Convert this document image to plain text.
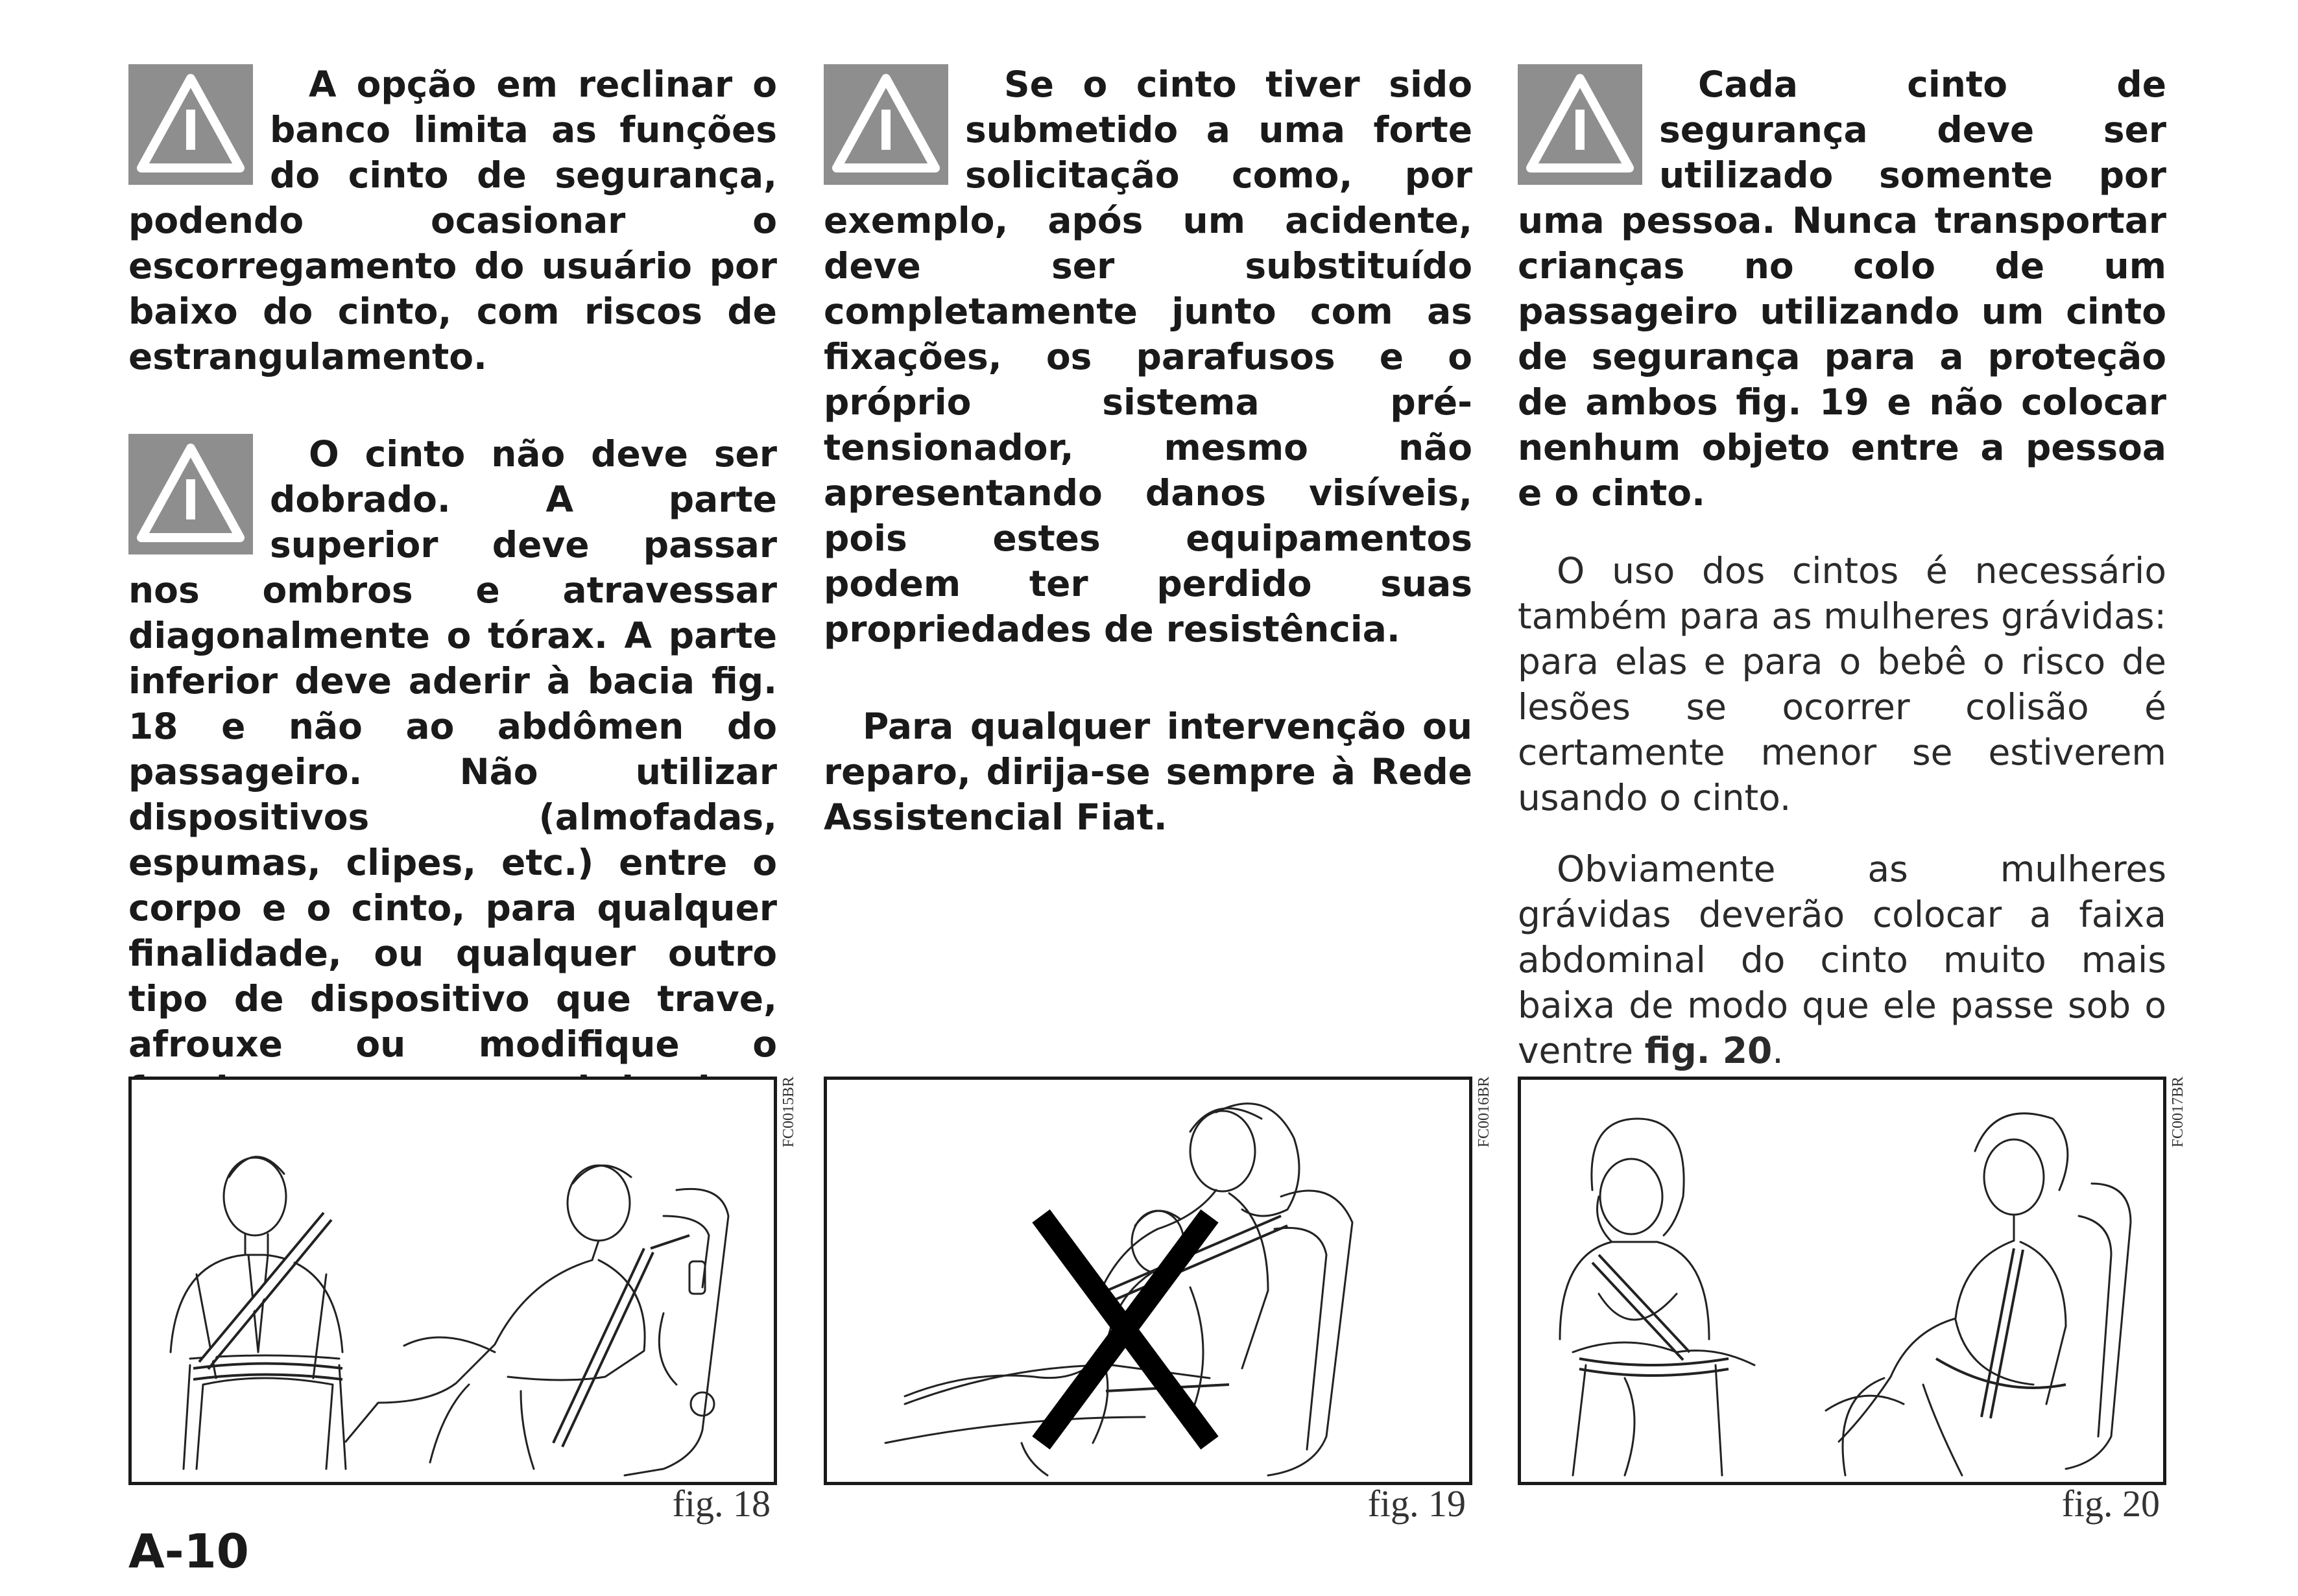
A opção em reclinar o banco limita as funções do cinto de segurança, podendo ocasionar o escorregamento do usuário por baixo do cinto, com riscos de estrangulamento.

O cinto não deve ser dobrado. A parte superior deve passar nos ombros e atravessar diagonalmente o tórax. A parte inferior deve aderir à bacia fig. 18 e não ao abdômen do passageiro. Não utilizar dispositivos (almofadas, espumas, clipes, etc.) entre o corpo e o cinto, para qualquer finalidade, ou qualquer outro tipo de dispositivo que trave, afrouxe ou modifique o

Se o cinto tiver sido submetido a uma forte solicitação como, por exemplo, após um acidente, deve ser substituído completamente junto com as fixações, os parafusos e o próprio sistema pré-tensionador, mesmo não apresentando danos visíveis, pois estes equipamentos podem ter perdido suas propriedades de resistência.

Para qualquer intervenção ou reparo, dirija-se sempre à Rede Assistencial Fiat.

Cada cinto de segurança deve ser utilizado somente por uma pessoa. Nunca transportar crianças no colo de um passageiro utilizando um cinto de segurança para a proteção de ambos fig. 19 e não colocar nenhum objeto entre a pessoa e o cinto.

O uso dos cintos é necessário também para as mulheres grávidas: para elas e para o bebê o risco de lesões se ocorrer colisão é certamente menor se estiverem usando o cinto.

Obviamente as mulheres grávidas deverão colocar a faixa abdominal do cinto muito mais baixa de modo que ele passe sob o ventre fig. 20.

FC0015BR
fig. 18
FC0016BR
fig. 19
FC0017BR
fig. 20
A-10
